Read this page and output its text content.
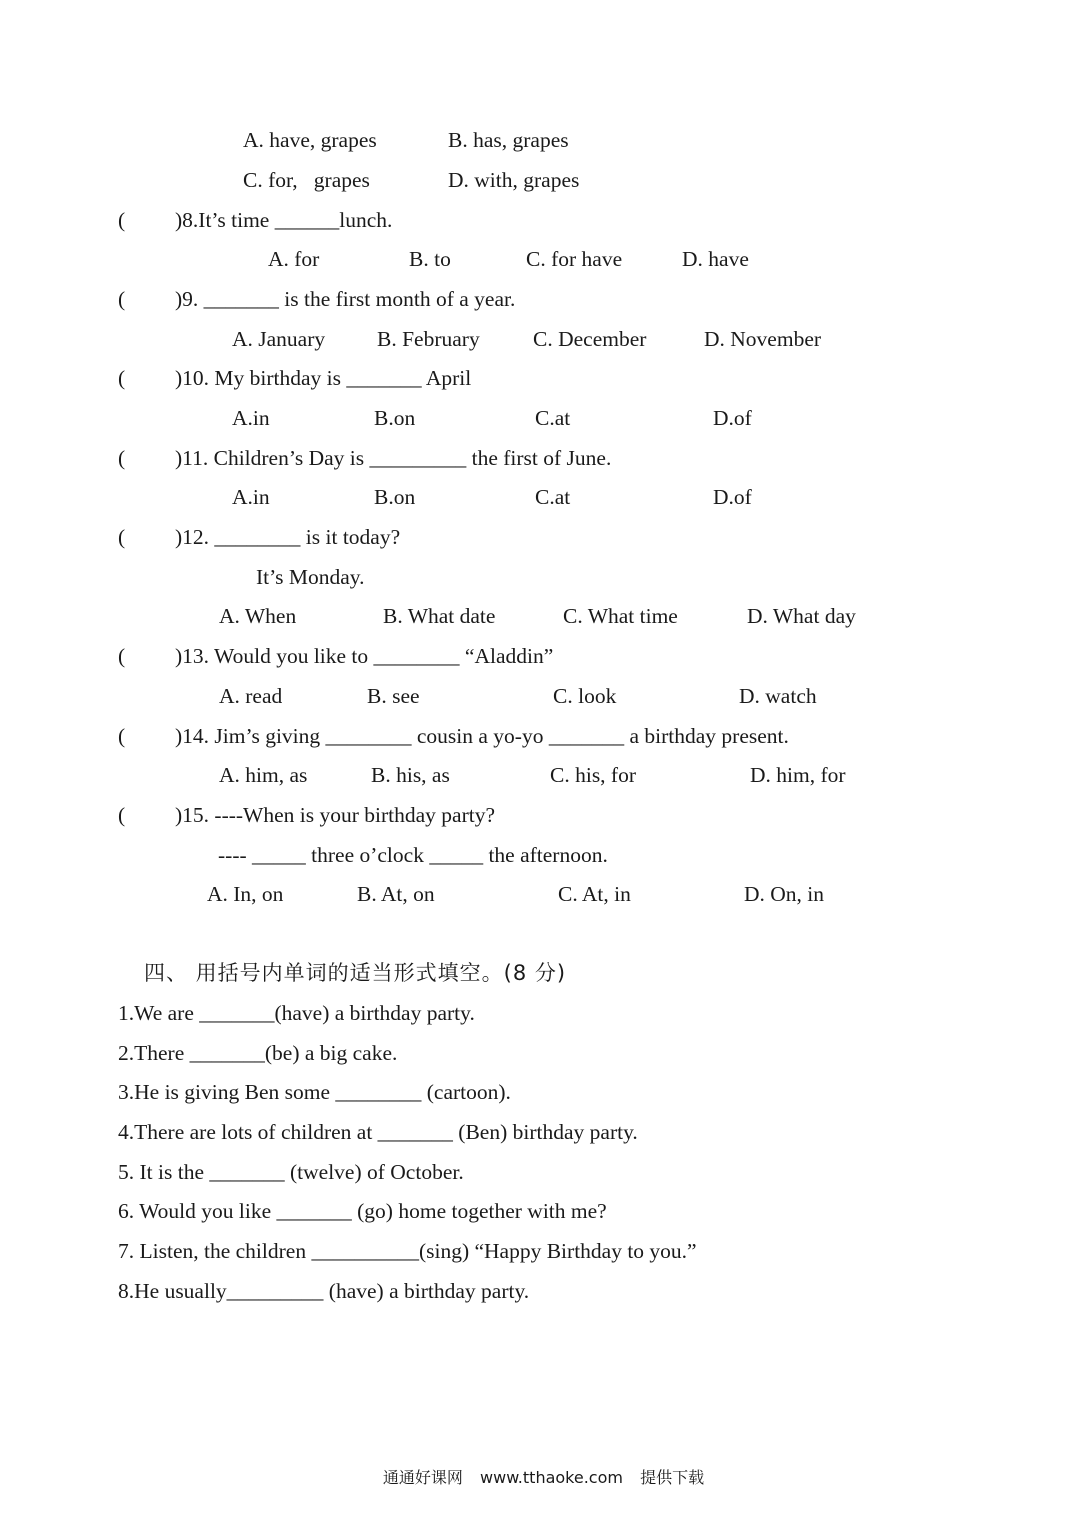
A. have, grapes	B. has, grapes
C. for,   grapes	D. with, grapes
( )8.It’s time ______lunch.
A. for	B. to	C. for have	D. have
( )9. _______ is the first month of a year.
A. January B. February C. December	D. November
( )10. My birthday is _______ April
A.in	B.on	C.at	D.of
( )11. Children’s Day is _________ the first of June.
A.in	B.on	C.at	D.of
( )12. ________ is it today?
It’s Monday.
A. When	B. What date	C. What time	D. What day
( )13. Would you like to ________ “Aladdin”
A. read	B. see	C. look	D. watch
( )14. Jim’s giving ________ cousin a yo-yo _______ a birthday present.
A. him, as	B. his, as	C. his, for	D. him, for
( )15. ----When is your birthday party?
---- _____ three o’clock _____ the afternoon.
A. In, on	B. At, on	C. At, in	D. On, in
四、 用括号内单词的适当形式填空。(8 分)
1.We are _______(have) a birthday party.
2.There _______(be) a big cake.
3.He is giving Ben some ________ (cartoon).
4.There are lots of children at _______ (Ben) birthday party.
5. It is the _______ (twelve) of October.
6. Would you like _______ (go) home together with me?
7. Listen, the children __________(sing) “Happy Birthday to you.”
8.He usually_________ (have) a birthday party.
通通好课网 www.tthaoke.com 提供下载
